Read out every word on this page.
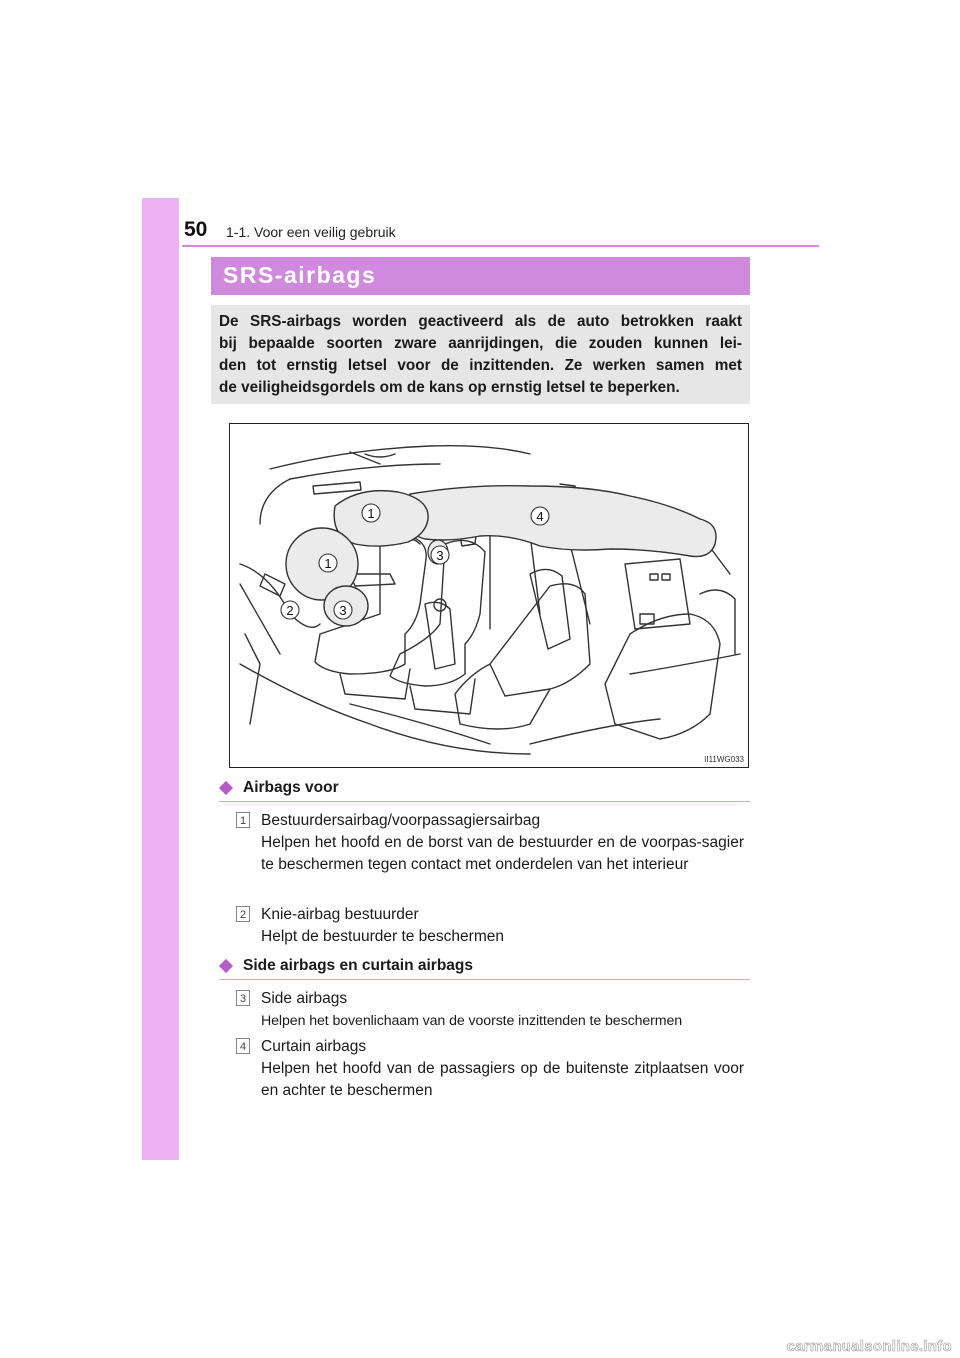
50 1-1. Voor een veilig gebruik
SRS-airbags
De SRS-airbags worden geactiveerd als de auto betrokken raakt
bij bepaalde soorten zware aanrijdingen, die zouden kunnen lei-
den tot ernstig letsel voor de inzittenden. Ze werken samen met
de veiligheidsgordels om de kans op ernstig letsel te beperken.
1
1
2	3
3
4
II11WG033
Airbags voor
1 Bestuurdersairbag/voorpassagiersairbag
Helpen het hoofd en de borst van de bestuurder en de voorpas-sagier te beschermen tegen contact met onderdelen van het interieur
2 Knie-airbag bestuurder
Helpt de bestuurder te beschermen
Side airbags en curtain airbags
3 Side airbags
Helpen het bovenlichaam van de voorste inzittenden te beschermen
4 Curtain airbags
Helpen het hoofd van de passagiers op de buitenste zitplaatsen voor en achter te beschermen
carmanualsonline.info
